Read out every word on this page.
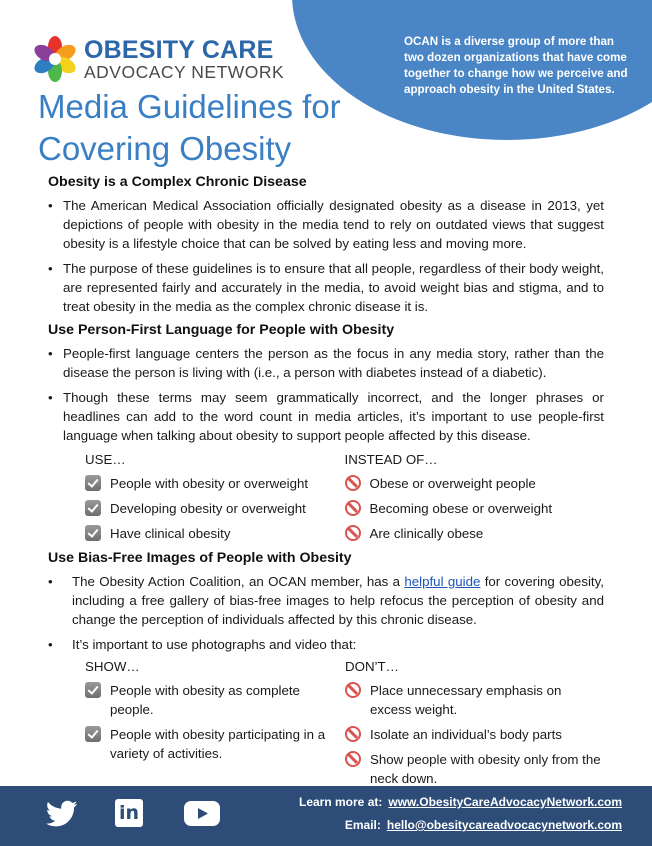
OCAN is a diverse group of more than two dozen organizations that have come together to change how we perceive and approach obesity in the United States.
OBESITY CARE
ADVOCACY NETWORK
Media Guidelines for
Covering Obesity
Obesity is a Complex Chronic Disease
• The American Medical Association officially designated obesity as a disease in 2013, yet depictions of people with obesity in the media tend to rely on outdated views that suggest obesity is a lifestyle choice that can be solved by eating less and moving more.
• The purpose of these guidelines is to ensure that all people, regardless of their body weight, are represented fairly and accurately in the media, to avoid weight bias and stigma, and to treat obesity in the media as the complex chronic disease it is.
Use Person-First Language for People with Obesity
• People-first language centers the person as the focus in any media story, rather than the disease the person is living with (i.e., a person with diabetes instead of a diabetic).
• Though these terms may seem grammatically incorrect, and the longer phrases or headlines can add to the word count in media articles, it’s important to use people-first language when talking about obesity to support people affected by this disease.
USE…
People with obesity or overweight
Developing obesity or overweight
Have clinical obesity
INSTEAD OF…
Obese or overweight people
Becoming obese or overweight
Are clinically obese
Use Bias-Free Images of People with Obesity
• The Obesity Action Coalition, an OCAN member, has a helpful guide for covering obesity, including a free gallery of bias-free images to help refocus the perception of obesity and change the perception of individuals affected by this chronic disease.
• It’s important to use photographs and video that:
SHOW…
People with obesity as complete people.
People with obesity participating in a variety of activities.
DON’T…
Place unnecessary emphasis on excess weight.
Isolate an individual’s body parts
Show people with obesity only from the neck down.
in	Learn more at: www.ObesityCareAdvocacyNetwork.com
Email: hello@obesitycareadvocacynetwork.com
